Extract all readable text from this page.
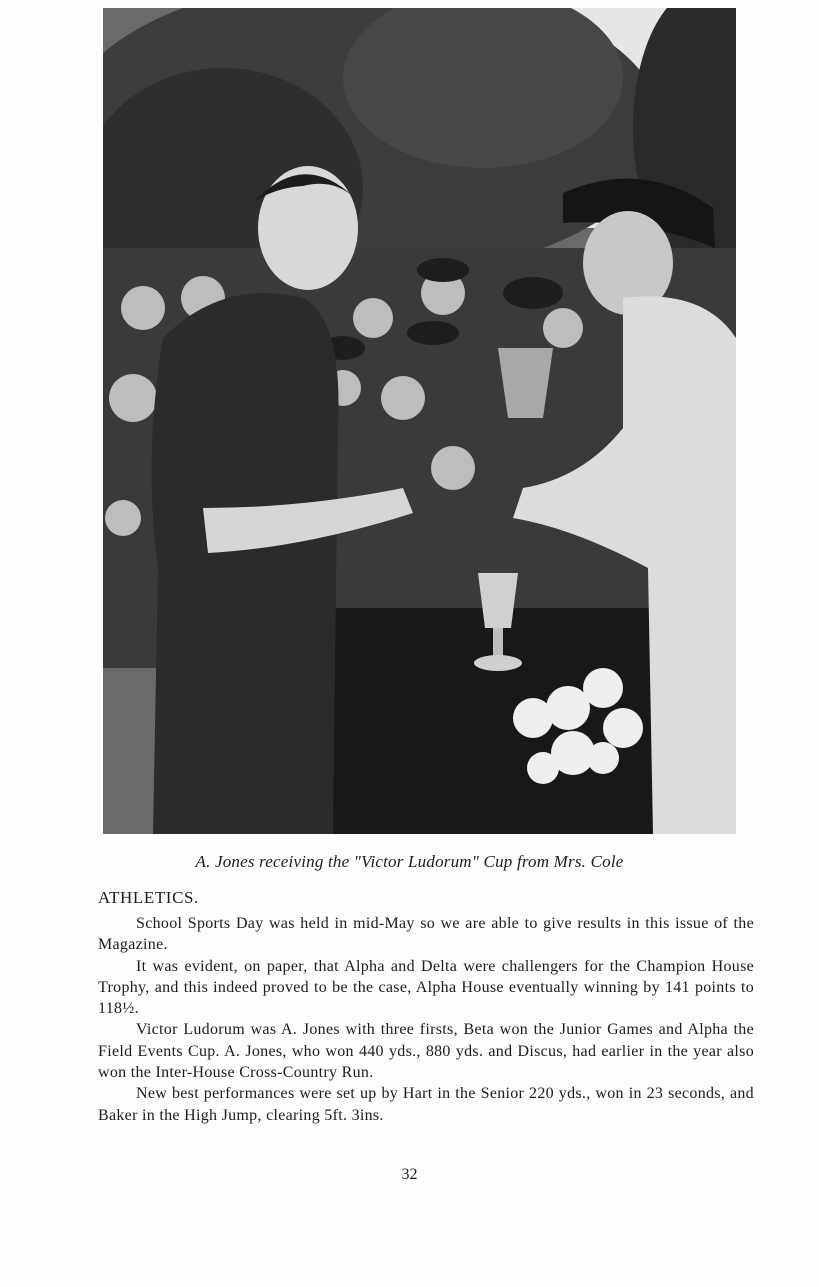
A. Jones receiving the "Victor Ludorum" Cup from Mrs. Cole
ATHLETICS.

School Sports Day was held in mid-May so we are able to give results in this issue of the Magazine.

It was evident, on paper, that Alpha and Delta were challengers for the Champion House Trophy, and this indeed proved to be the case, Alpha House eventually winning by 141 points to 118½.

Victor Ludorum was A. Jones with three firsts, Beta won the Junior Games and Alpha the Field Events Cup. A. Jones, who won 440 yds., 880 yds. and Discus, had earlier in the year also won the Inter-House Cross-Country Run.

New best performances were set up by Hart in the Senior 220 yds., won in 23 seconds, and Baker in the High Jump, clearing 5ft. 3ins.

32
